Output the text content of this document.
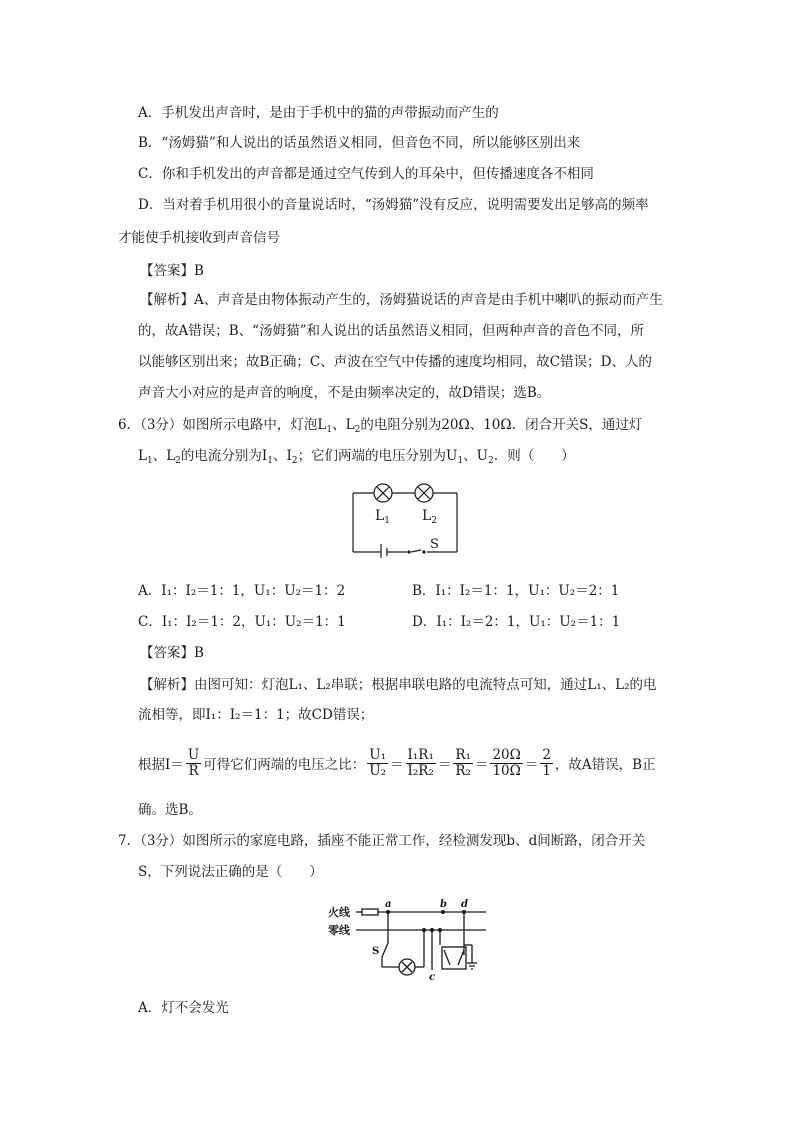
A．手机发出声音时，是由于手机中的猫的声带振动而产生的
B．“汤姆猫”和人说出的话虽然语义相同，但音色不同，所以能够区别出来
C．你和手机发出的声音都是通过空气传到人的耳朵中，但传播速度各不相同
D．当对着手机用很小的音量说话时，“汤姆猫”没有反应，说明需要发出足够高的频率
才能使手机接收到声音信号
【答案】B
【解析】A、声音是由物体振动产生的，汤姆猫说话的声音是由手机中喇叭的振动而产生
的，故A错误；B、“汤姆猫”和人说出的话虽然语义相同，但两种声音的音色不同，所
以能够区别出来；故B正确；C、声波在空气中传播的速度均相同，故C错误；D、人的
声音大小对应的是声音的响度，不是由频率决定的，故D错误；选B。
6．（3分）如图所示电路中，灯泡$L_1$、$L_2$的电阻分别为20Ω、10Ω．闭合开关S，通过灯
$L_1$、$L_2$的电流分别为$I_1$、$I_2$；它们两端的电压分别为$U_1$、$U_2$．则（　　）
$L_1$ $L_2$
S
A．I₁：I₂＝1：1，U₁：U₂＝1：2	B．I₁：I₂＝1：1，U₁：U₂＝2：1
C．I₁：I₂＝1：2，U₁：U₂＝1：1	D．I₁：I₂＝2：1，U₁：U₂＝1：1
【答案】B
【解析】由图可知：灯泡L₁、L₂串联；根据串联电路的电流特点可知，通过L₁、L₂的电
流相等，即I₁：I₂＝1：1；故CD错误；
根据 $I= \frac{U}{R}$ 可得它们两端的电压之比： $\frac{\text{U₁}}{\text{U₂}} = \frac{\text{I₁R₁}}{\text{I₂R₂}} = \frac{\text{R₁}}{\text{R₂}} = \frac{20\Omega}{10\Omega} = \frac{2}{1}$ ，故A错误，B正
确。选B。
7．（3分）如图所示的家庭电路，插座不能正常工作，经检测发现b、d间断路，闭合开关
S，下列说法正确的是（　　）
火线
零线
a	b d
c
S
A．灯不会发光
